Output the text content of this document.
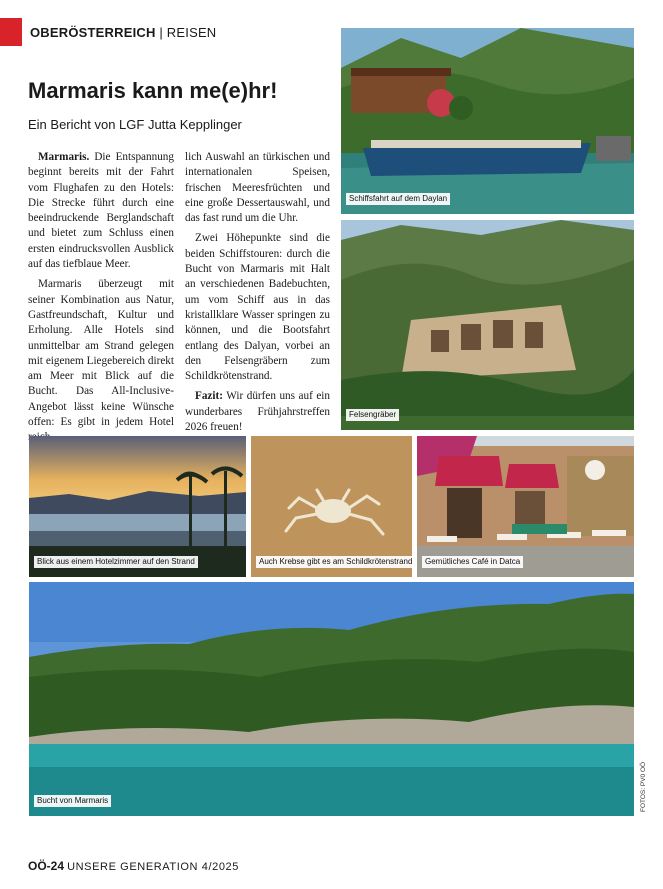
OBERÖSTERREICH | REISEN
Marmaris kann me(e)hr!
Ein Bericht von LGF Jutta Kepplinger

Marmaris. Die Entspannung beginnt bereits mit der Fahrt vom Flughafen zu den Hotels: Die Strecke führt durch eine beeindruckende Berglandschaft und bietet zum Schluss einen ersten eindrucksvollen Ausblick auf das tiefblaue Meer.

Marmaris überzeugt mit seiner Kombination aus Natur, Gastfreundschaft, Kultur und Erholung. Alle Hotels sind unmittelbar am Strand gelegen mit eigenem Liegebereich direkt am Meer mit Blick auf die Bucht. Das All-Inclusive-Angebot lässt keine Wünsche offen: Es gibt in jedem Hotel

lich Auswahl an türkischen und internationalen Speisen, frischen Meeresfrüchten und eine große Dessertauswahl, und das fast rund um die Uhr.

Zwei Höhepunkte sind die beiden Schiffstouren: durch die Bucht von Marmaris mit Halt an verschiedenen Badebuchten, um vom Schiff aus in das kristallklare Wasser springen zu können, und die Bootsfahrt entlang des Dalyan, vorbei an den Felsengräbern zum Schildkrötenstrand.

Fazit: Wir dürfen uns auf ein wunderbares Frühjahrstreffen 2026 freuen!

Schiffsfahrt auf dem Daylan
Felsengräber
Blick aus einem Hotelzimmer auf den Strand	Auch Krebse gibt es am Schildkrötenstrand	Gemütliches Café in Datca
Bucht von Marmaris	FOTOS: PV0 OÖ
OÖ-24 UNSERE GENERATION 4/2025
